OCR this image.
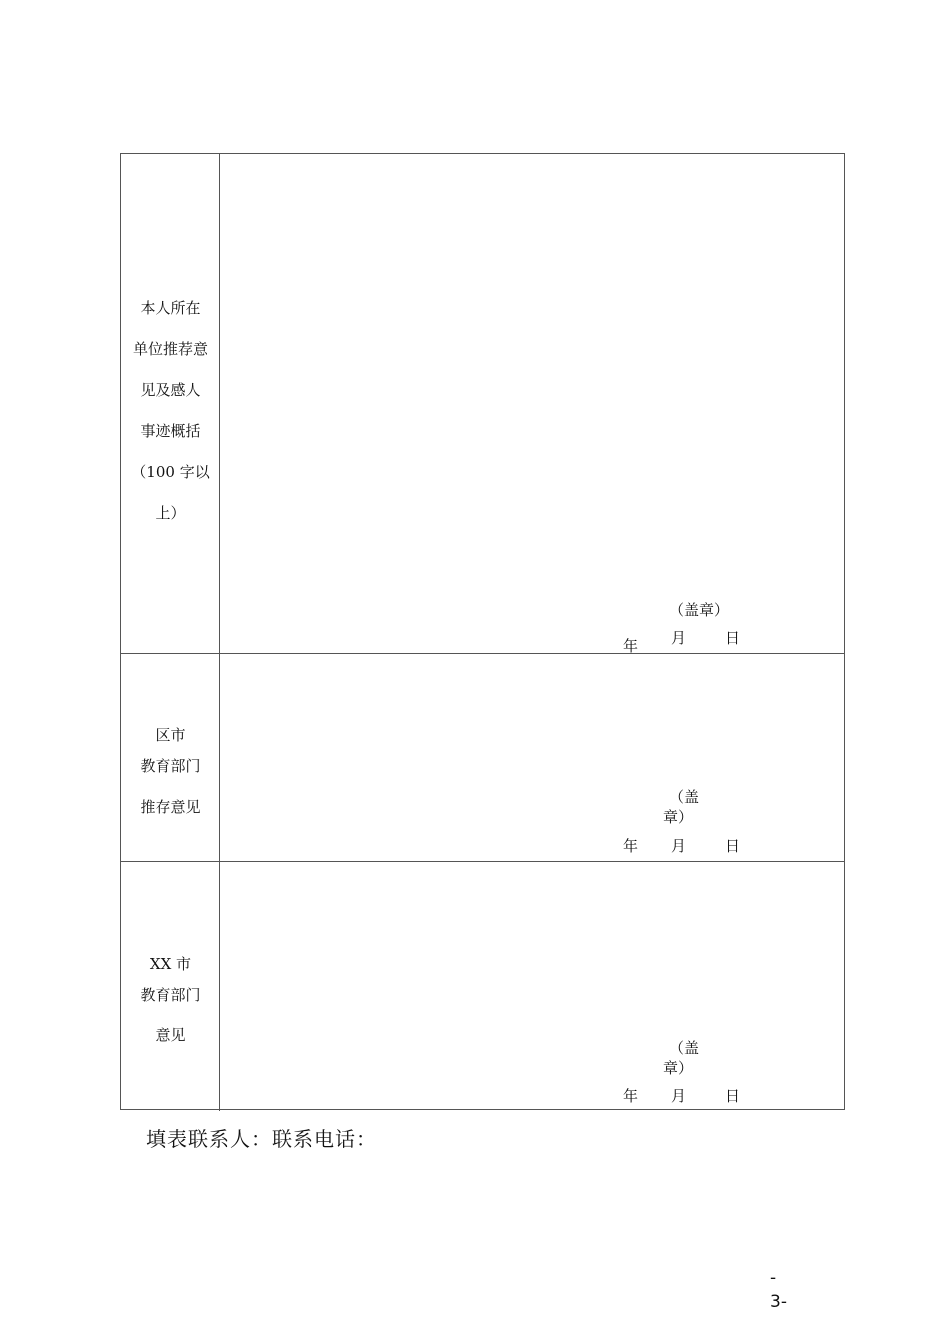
本人所在
单位推荐意
见及感人
事迹概括
（100 字以
上）
（盖章）
年 月	日
区市
教育部门
推存意见
（盖
章）
年 月	日
XX 市
教育部门
意见
（盖
章）
年 月	日
填表联系人：联系电话：
-
3-
